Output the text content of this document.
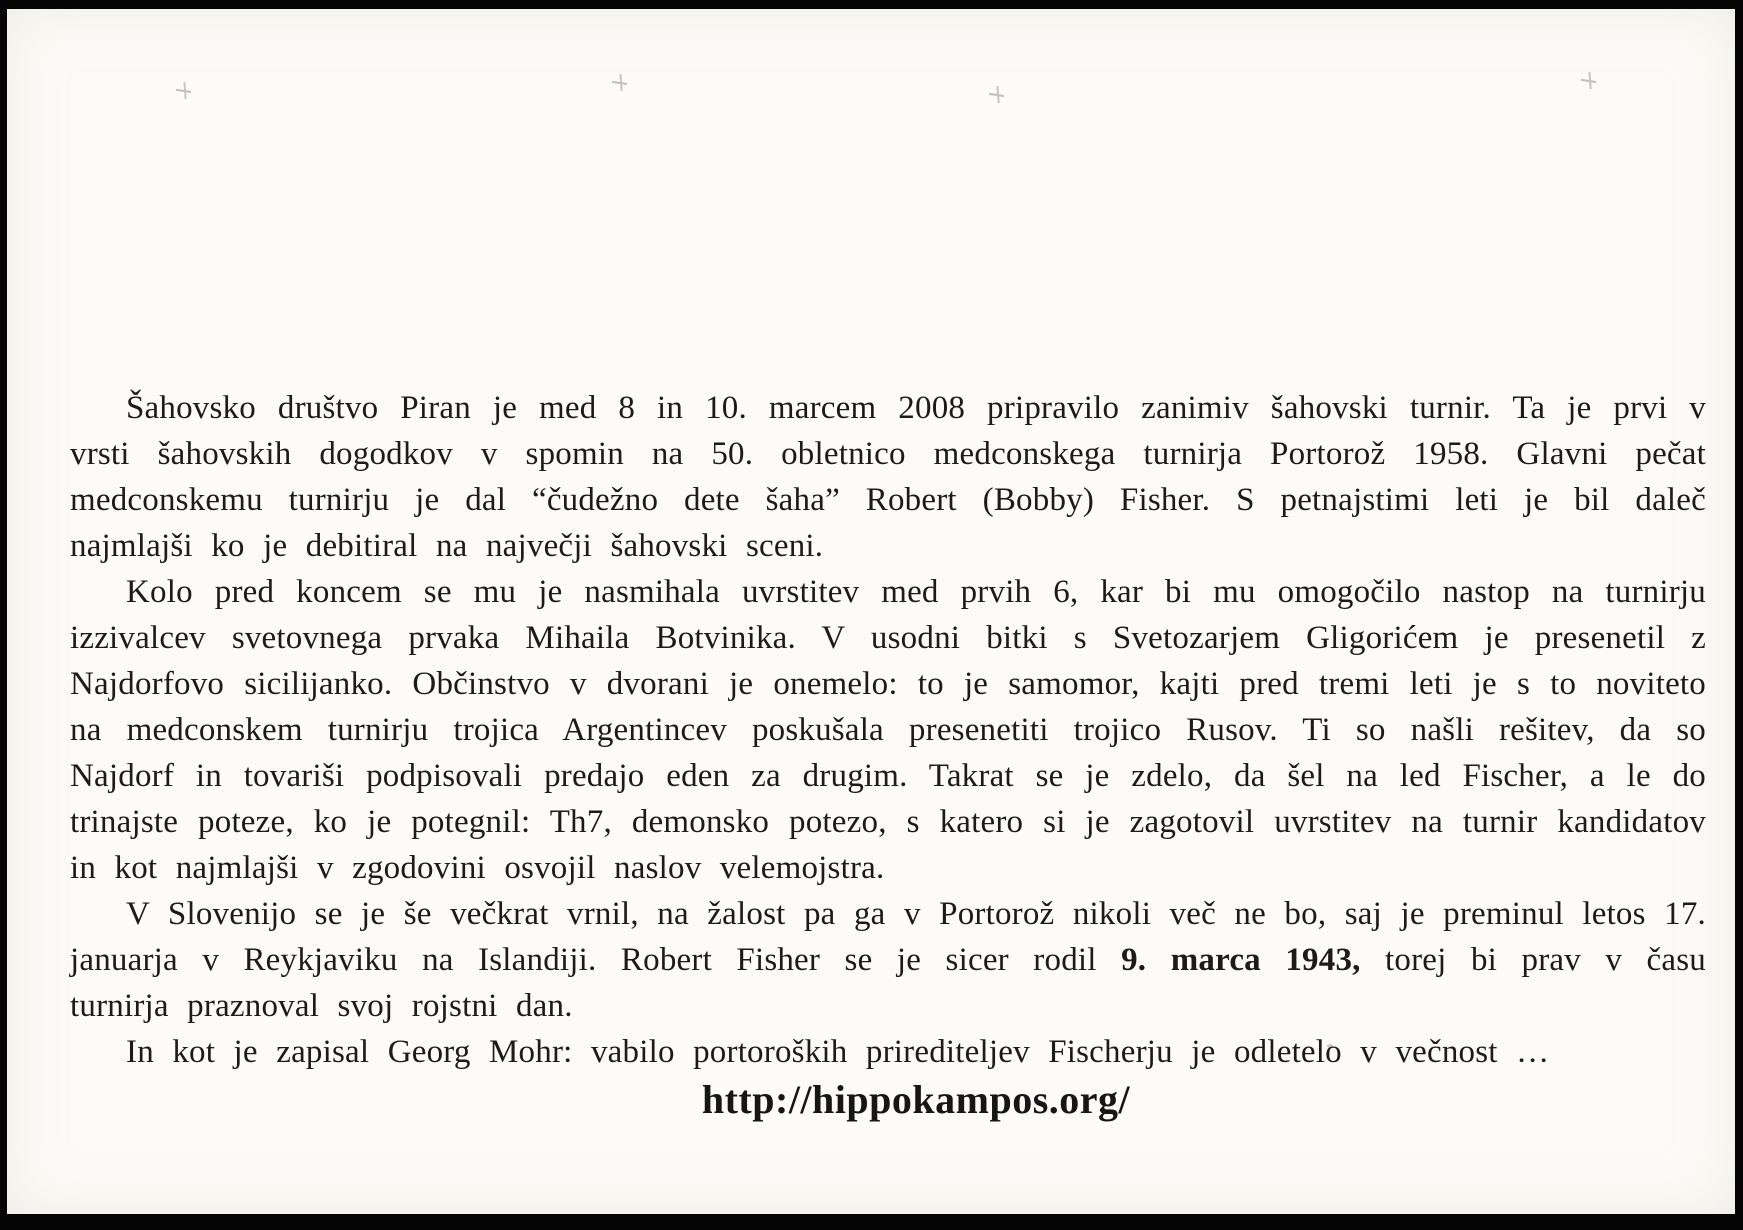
Šahovsko društvo Piran je med 8 in 10. marcem 2008 pripravilo zanimiv šahovski turnir. Ta je prvi v vrsti šahovskih dogodkov v spomin na 50. obletnico medconskega turnirja Portorož 1958. Glavni pečat medconskemu turnirju je dal “čudežno dete šaha” Robert (Bobby) Fisher. S petnajstimi leti je bil daleč najmlajši ko je debitiral na največji šahovski sceni.

Kolo pred koncem se mu je nasmihala uvrstitev med prvih 6, kar bi mu omogočilo nastop na turnirju izzivalcev svetovnega prvaka Mihaila Botvinika. V usodni bitki s Svetozarjem Gligorićem je presenetil z Najdorfovo sicilijanko. Občinstvo v dvorani je onemelo: to je samomor, kajti pred tremi leti je s to noviteto na medconskem turnirju trojica Argentincev poskušala presenetiti trojico Rusov. Ti so našli rešitev, da so Najdorf in tovariši podpisovali predajo eden za drugim. Takrat se je zdelo, da šel na led Fischer, a le do trinajste poteze, ko je potegnil: Th7, demonsko potezo, s katero si je zagotovil uvrstitev na turnir kandidatov in kot najmlajši v zgodovini osvojil naslov velemojstra.

V Slovenijo se je še večkrat vrnil, na žalost pa ga v Portorož nikoli več ne bo, saj je preminul letos 17. januarja v Reykjaviku na Islandiji. Robert Fisher se je sicer rodil 9. marca 1943, torej bi prav v času turnirja praznoval svoj rojstni dan.

In kot je zapisal Georg Mohr: vabilo portoroških prirediteljev Fischerju je odletelo v večnost …

http://hippokampos.org/
